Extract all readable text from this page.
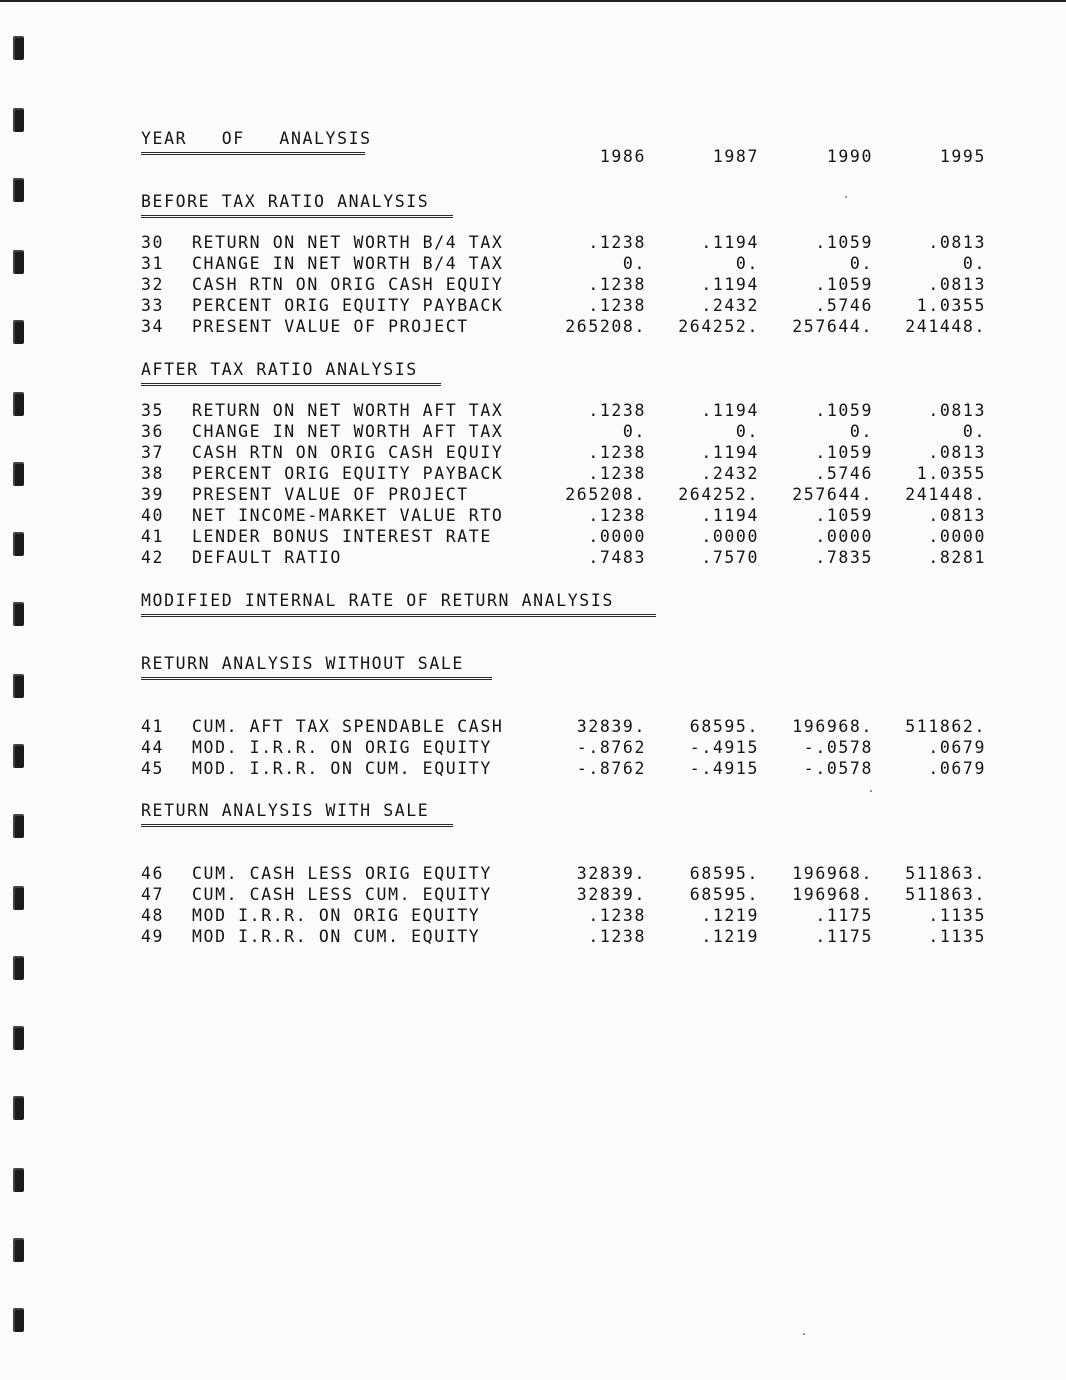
YEAR   OF   ANALYSIS
1986	1987	1990	1995
BEFORE TAX RATIO ANALYSIS
30	RETURN ON NET WORTH B/4 TAX	.1238	.1194	.1059	.0813
31	CHANGE IN NET WORTH B/4 TAX	0.	0.	0.	0.
32	CASH RTN ON ORIG CASH EQUIY	.1238	.1194	.1059	.0813
33	PERCENT ORIG EQUITY PAYBACK	.1238	.2432	.5746	1.0355
34	PRESENT VALUE OF PROJECT	265208.	264252.	257644.	241448.
AFTER TAX RATIO ANALYSIS
35	RETURN ON NET WORTH AFT TAX	.1238	.1194	.1059	.0813
36	CHANGE IN NET WORTH AFT TAX	0.	0.	0.	0.
37	CASH RTN ON ORIG CASH EQUIY	.1238	.1194	.1059	.0813
38	PERCENT ORIG EQUITY PAYBACK	.1238	.2432	.5746	1.0355
39	PRESENT VALUE OF PROJECT	265208.	264252.	257644.	241448.
40	NET INCOME-MARKET VALUE RTO	.1238	.1194	.1059	.0813
41	LENDER BONUS INTEREST RATE	.0000	.0000	.0000	.0000
42	DEFAULT RATIO	.7483	.7570	.7835	.8281
MODIFIED INTERNAL RATE OF RETURN ANALYSIS
RETURN ANALYSIS WITHOUT SALE
41	CUM. AFT TAX SPENDABLE CASH	32839.	68595.	196968.	511862.
44	MOD. I.R.R. ON ORIG EQUITY	-.8762	-.4915	-.0578	.0679
45	MOD. I.R.R. ON CUM. EQUITY	-.8762	-.4915	-.0578	.0679
RETURN ANALYSIS WITH SALE
46	CUM. CASH LESS ORIG EQUITY	32839.	68595.	196968.	511863.
47	CUM. CASH LESS CUM. EQUITY	32839.	68595.	196968.	511863.
48	MOD I.R.R. ON ORIG EQUITY	.1238	.1219	.1175	.1135
49	MOD I.R.R. ON CUM. EQUITY	.1238	.1219	.1175	.1135
